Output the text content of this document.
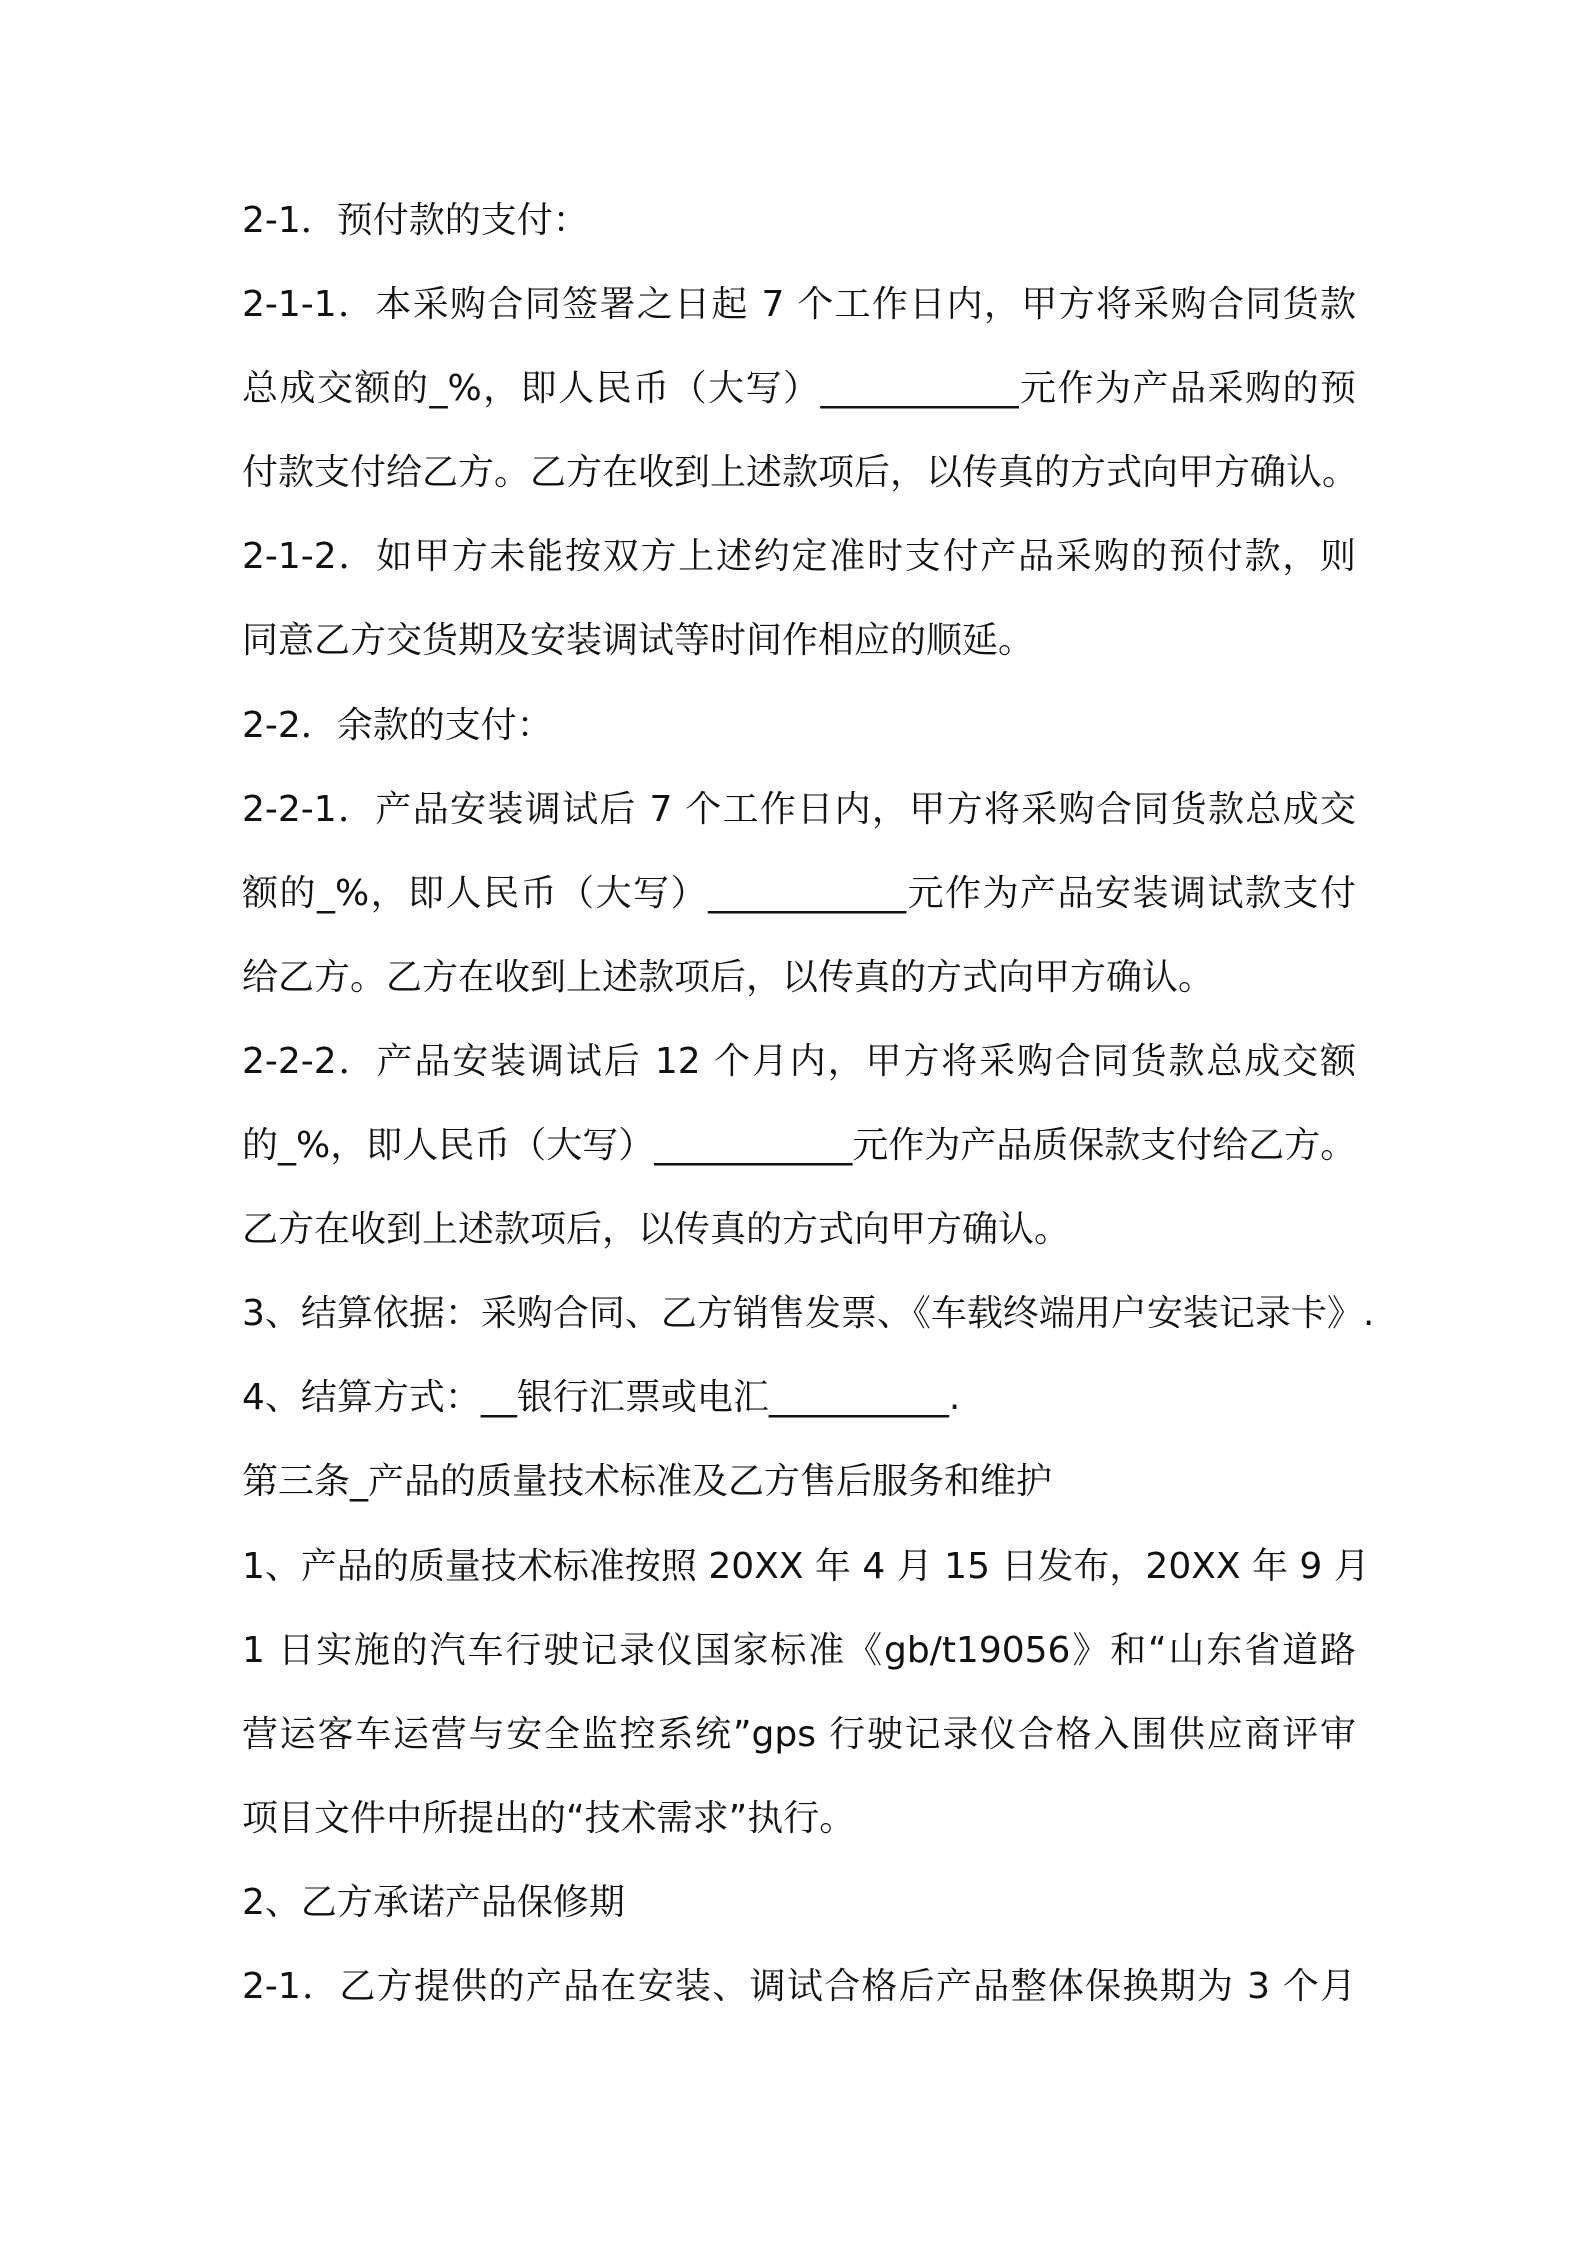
2-1．预付款的支付：
2-1-1．本采购合同签署之日起 7 个工作日内，甲方将采购合同货款
总成交额的_%，即人民币（大写）___________元作为产品采购的预
付款支付给乙方。乙方在收到上述款项后，以传真的方式向甲方确认。
2-1-2．如甲方未能按双方上述约定准时支付产品采购的预付款，则
同意乙方交货期及安装调试等时间作相应的顺延。
2-2．余款的支付：
2-2-1．产品安装调试后 7 个工作日内，甲方将采购合同货款总成交
额的_%，即人民币（大写）___________元作为产品安装调试款支付
给乙方。乙方在收到上述款项后，以传真的方式向甲方确认。
2-2-2．产品安装调试后 12 个月内，甲方将采购合同货款总成交额
的_%，即人民币（大写）___________元作为产品质保款支付给乙方。
乙方在收到上述款项后，以传真的方式向甲方确认。
3、结算依据：采购合同、乙方销售发票、《车载终端用户安装记录卡》.
4、结算方式：__银行汇票或电汇__________.
第三条_产品的质量技术标准及乙方售后服务和维护
1、产品的质量技术标准按照 20XX 年 4 月 15 日发布，20XX 年 9 月
1 日实施的汽车行驶记录仪国家标准《gb/t19056》和“山东省道路
营运客车运营与安全监控系统”gps 行驶记录仪合格入围供应商评审
项目文件中所提出的“技术需求”执行。
2、乙方承诺产品保修期
2-1．乙方提供的产品在安装、调试合格后产品整体保换期为 3 个月
